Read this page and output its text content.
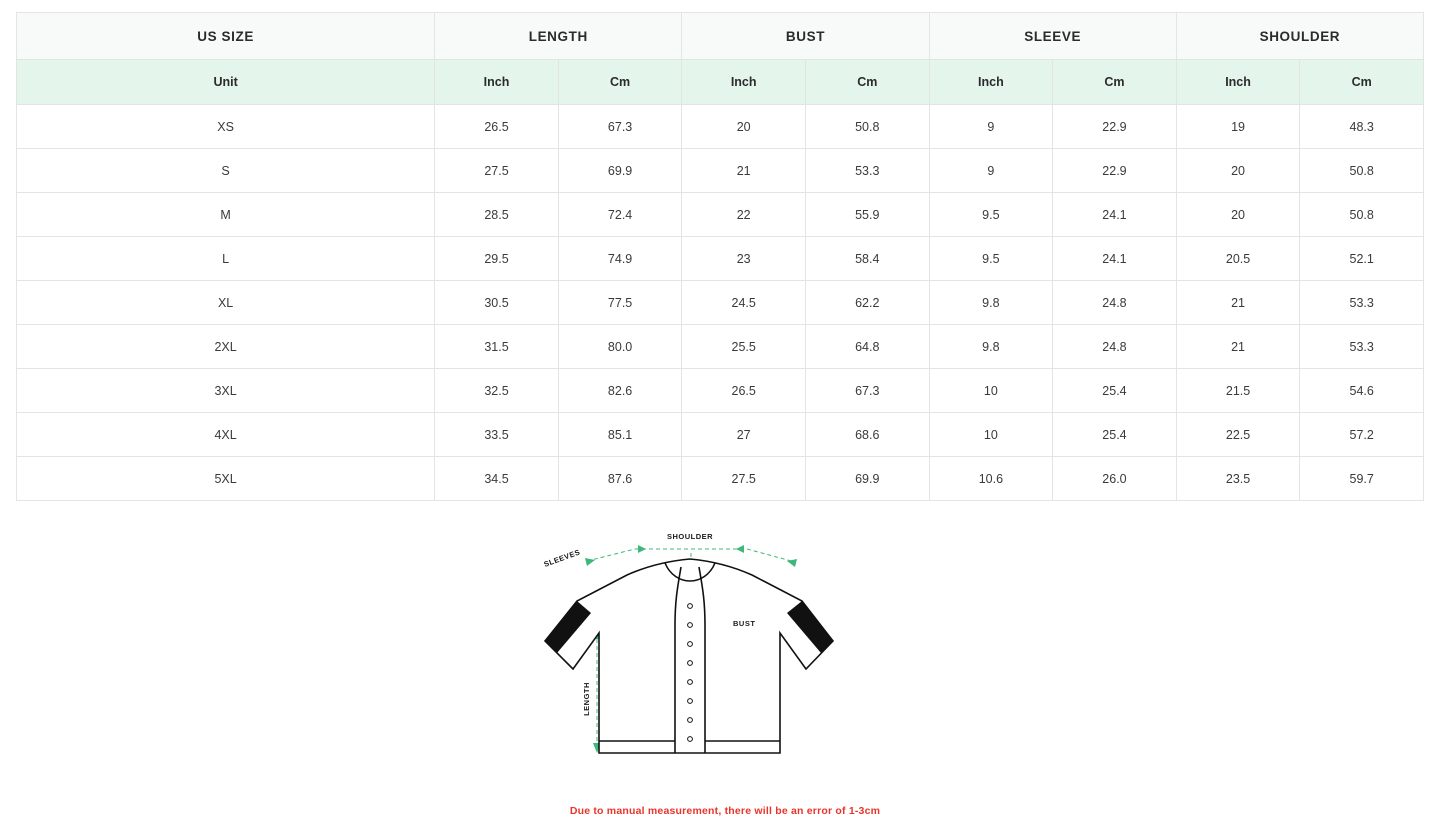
US SIZE	LENGTH		BUST		SLEEVE		SHOULDER	
Unit	Inch	Cm	Inch	Cm	Inch	Cm	Inch	Cm
XS	26.5	67.3	20	50.8	9	22.9	19	48.3
S	27.5	69.9	21	53.3	9	22.9	20	50.8
M	28.5	72.4	22	55.9	9.5	24.1	20	50.8
L	29.5	74.9	23	58.4	9.5	24.1	20.5	52.1
XL	30.5	77.5	24.5	62.2	9.8	24.8	21	53.3
2XL	31.5	80.0	25.5	64.8	9.8	24.8	21	53.3
3XL	32.5	82.6	26.5	67.3	10	25.4	21.5	54.6
4XL	33.5	85.1	27	68.6	10	25.4	22.5	57.2
5XL	34.5	87.6	27.5	69.9	10.6	26.0	23.5	59.7
SHOULDER
SLEEVES
BUST
LENGTH
Due to manual measurement, there will be an error of 1-3cm
